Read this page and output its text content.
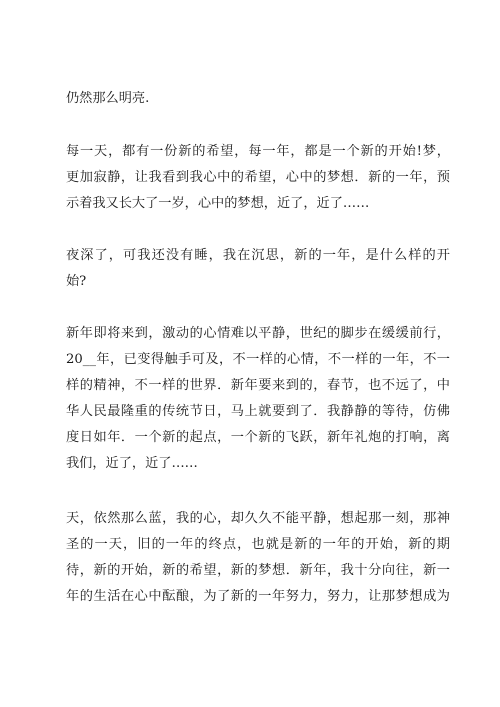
仍然那么明亮.
每一天，都有一份新的希望，每一年，都是一个新的开始!梦，
更加寂静，让我看到我心中的希望，心中的梦想．新的一年，预
示着我又长大了一岁，心中的梦想，近了，近了……
夜深了，可我还没有睡，我在沉思，新的一年，是什么样的开
始?
新年即将来到，激动的心情难以平静，世纪的脚步在缓缓前行，
20__年，已变得触手可及，不一样的心情，不一样的一年，不一
样的精神，不一样的世界．新年要来到的，春节，也不远了，中
华人民最隆重的传统节日，马上就要到了．我静静的等待，仿佛
度日如年．一个新的起点，一个新的飞跃，新年礼炮的打响，离
我们，近了，近了……
天，依然那么蓝，我的心，却久久不能平静，想起那一刻，那神
圣的一天，旧的一年的终点，也就是新的一年的开始，新的期
待，新的开始，新的希望，新的梦想．新年，我十分向往，新一
年的生活在心中酝酿，为了新的一年努力，努力，让那梦想成为
